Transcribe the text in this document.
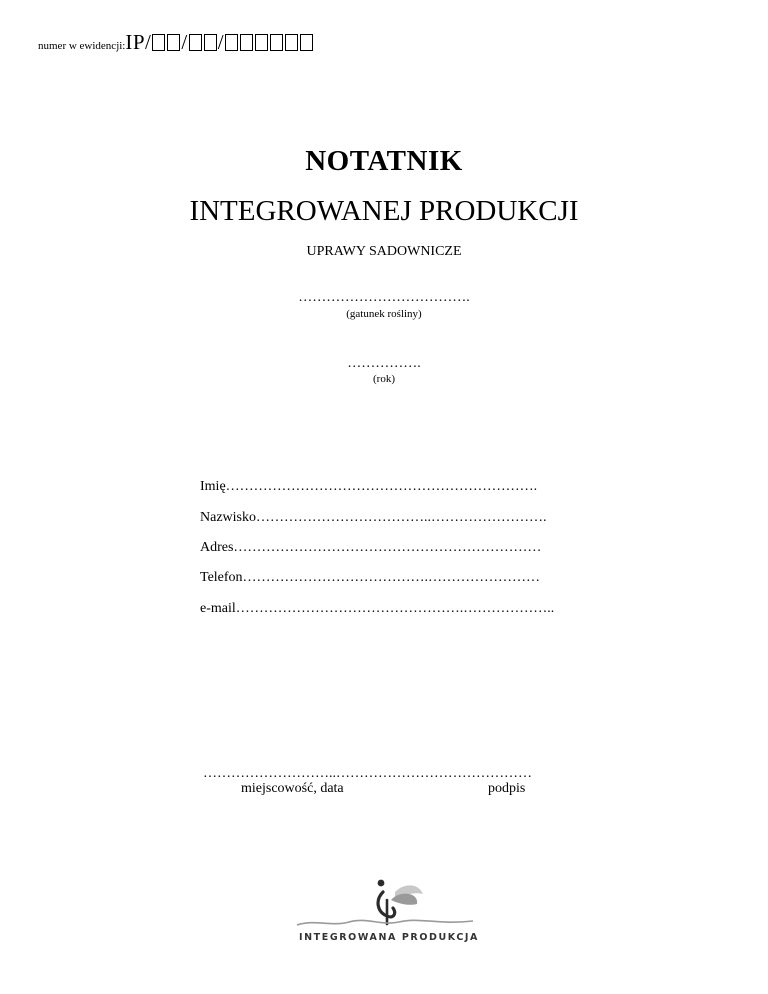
numer w ewidencji:IP/ / /
NOTATNIK
INTEGROWANEJ PRODUKCJI
UPRAWY SADOWNICZE
……………………………….
(gatunek rośliny)
…………….
(rok)
Imię………………………………………………………….
Nazwisko………………………………..…………………….
Adres…………………………………………………………
Telefon………………………………….……………………
e-mail………………………………………….………………..
………………………..……………………………………
miejscowość, data	podpis
INTEGROWANA PRODUKCJA
